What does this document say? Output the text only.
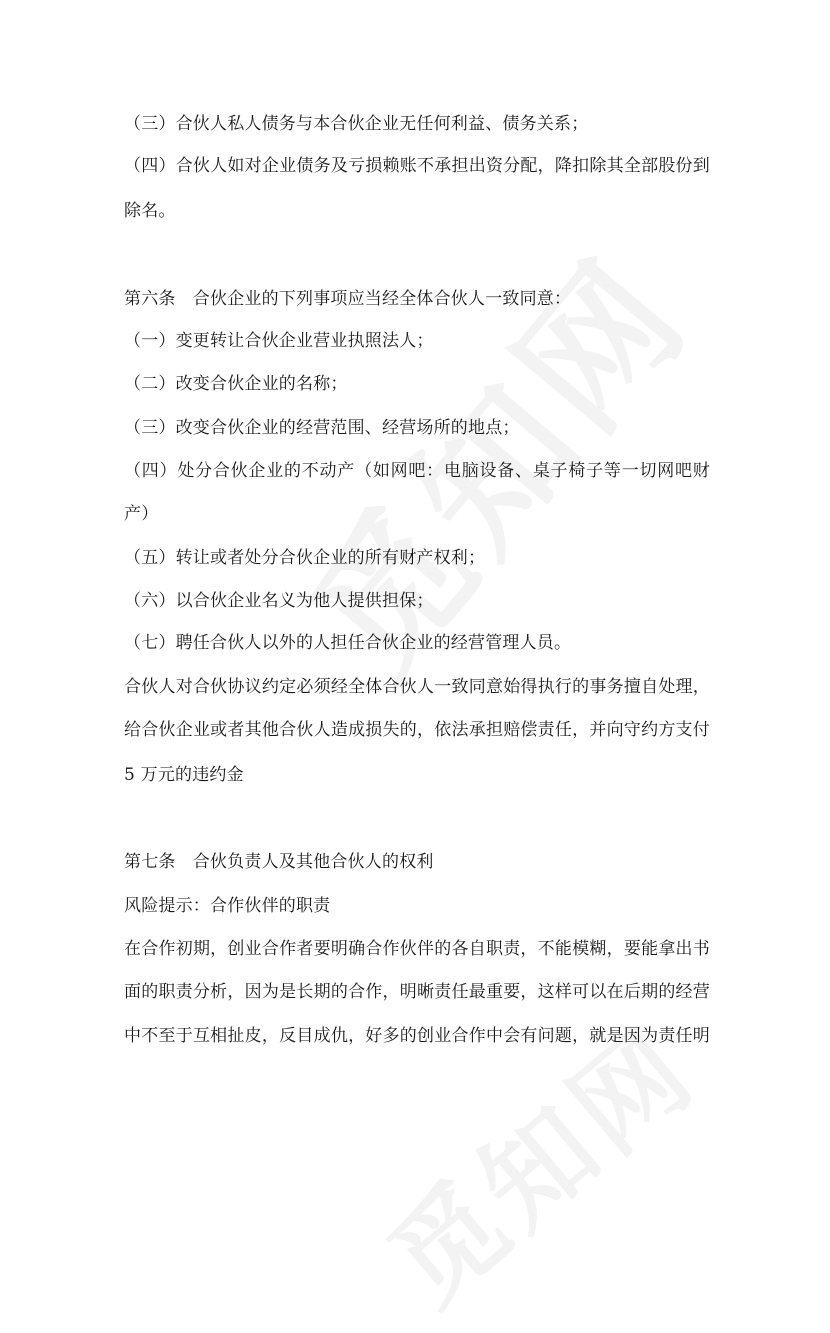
（三）合伙人私人债务与本合伙企业无任何利益、债务关系；
（四）合伙人如对企业债务及亏损赖账不承担出资分配，降扣除其全部股份到
除名。
第六条　合伙企业的下列事项应当经全体合伙人一致同意：
（一）变更转让合伙企业营业执照法人；
（二）改变合伙企业的名称；
（三）改变合伙企业的经营范围、经营场所的地点；
（四）处分合伙企业的不动产（如网吧：电脑设备、桌子椅子等一切网吧财
产）
（五）转让或者处分合伙企业的所有财产权利；
（六）以合伙企业名义为他人提供担保；
（七）聘任合伙人以外的人担任合伙企业的经营管理人员。
合伙人对合伙协议约定必须经全体合伙人一致同意始得执行的事务擅自处理，
给合伙企业或者其他合伙人造成损失的，依法承担赔偿责任，并向守约方支付
5 万元的违约金
第七条　合伙负责人及其他合伙人的权利
风险提示：合作伙伴的职责
在合作初期，创业合作者要明确合作伙伴的各自职责，不能模糊，要能拿出书
面的职责分析，因为是长期的合作，明晰责任最重要，这样可以在后期的经营
中不至于互相扯皮，反目成仇，好多的创业合作中会有问题，就是因为责任明
